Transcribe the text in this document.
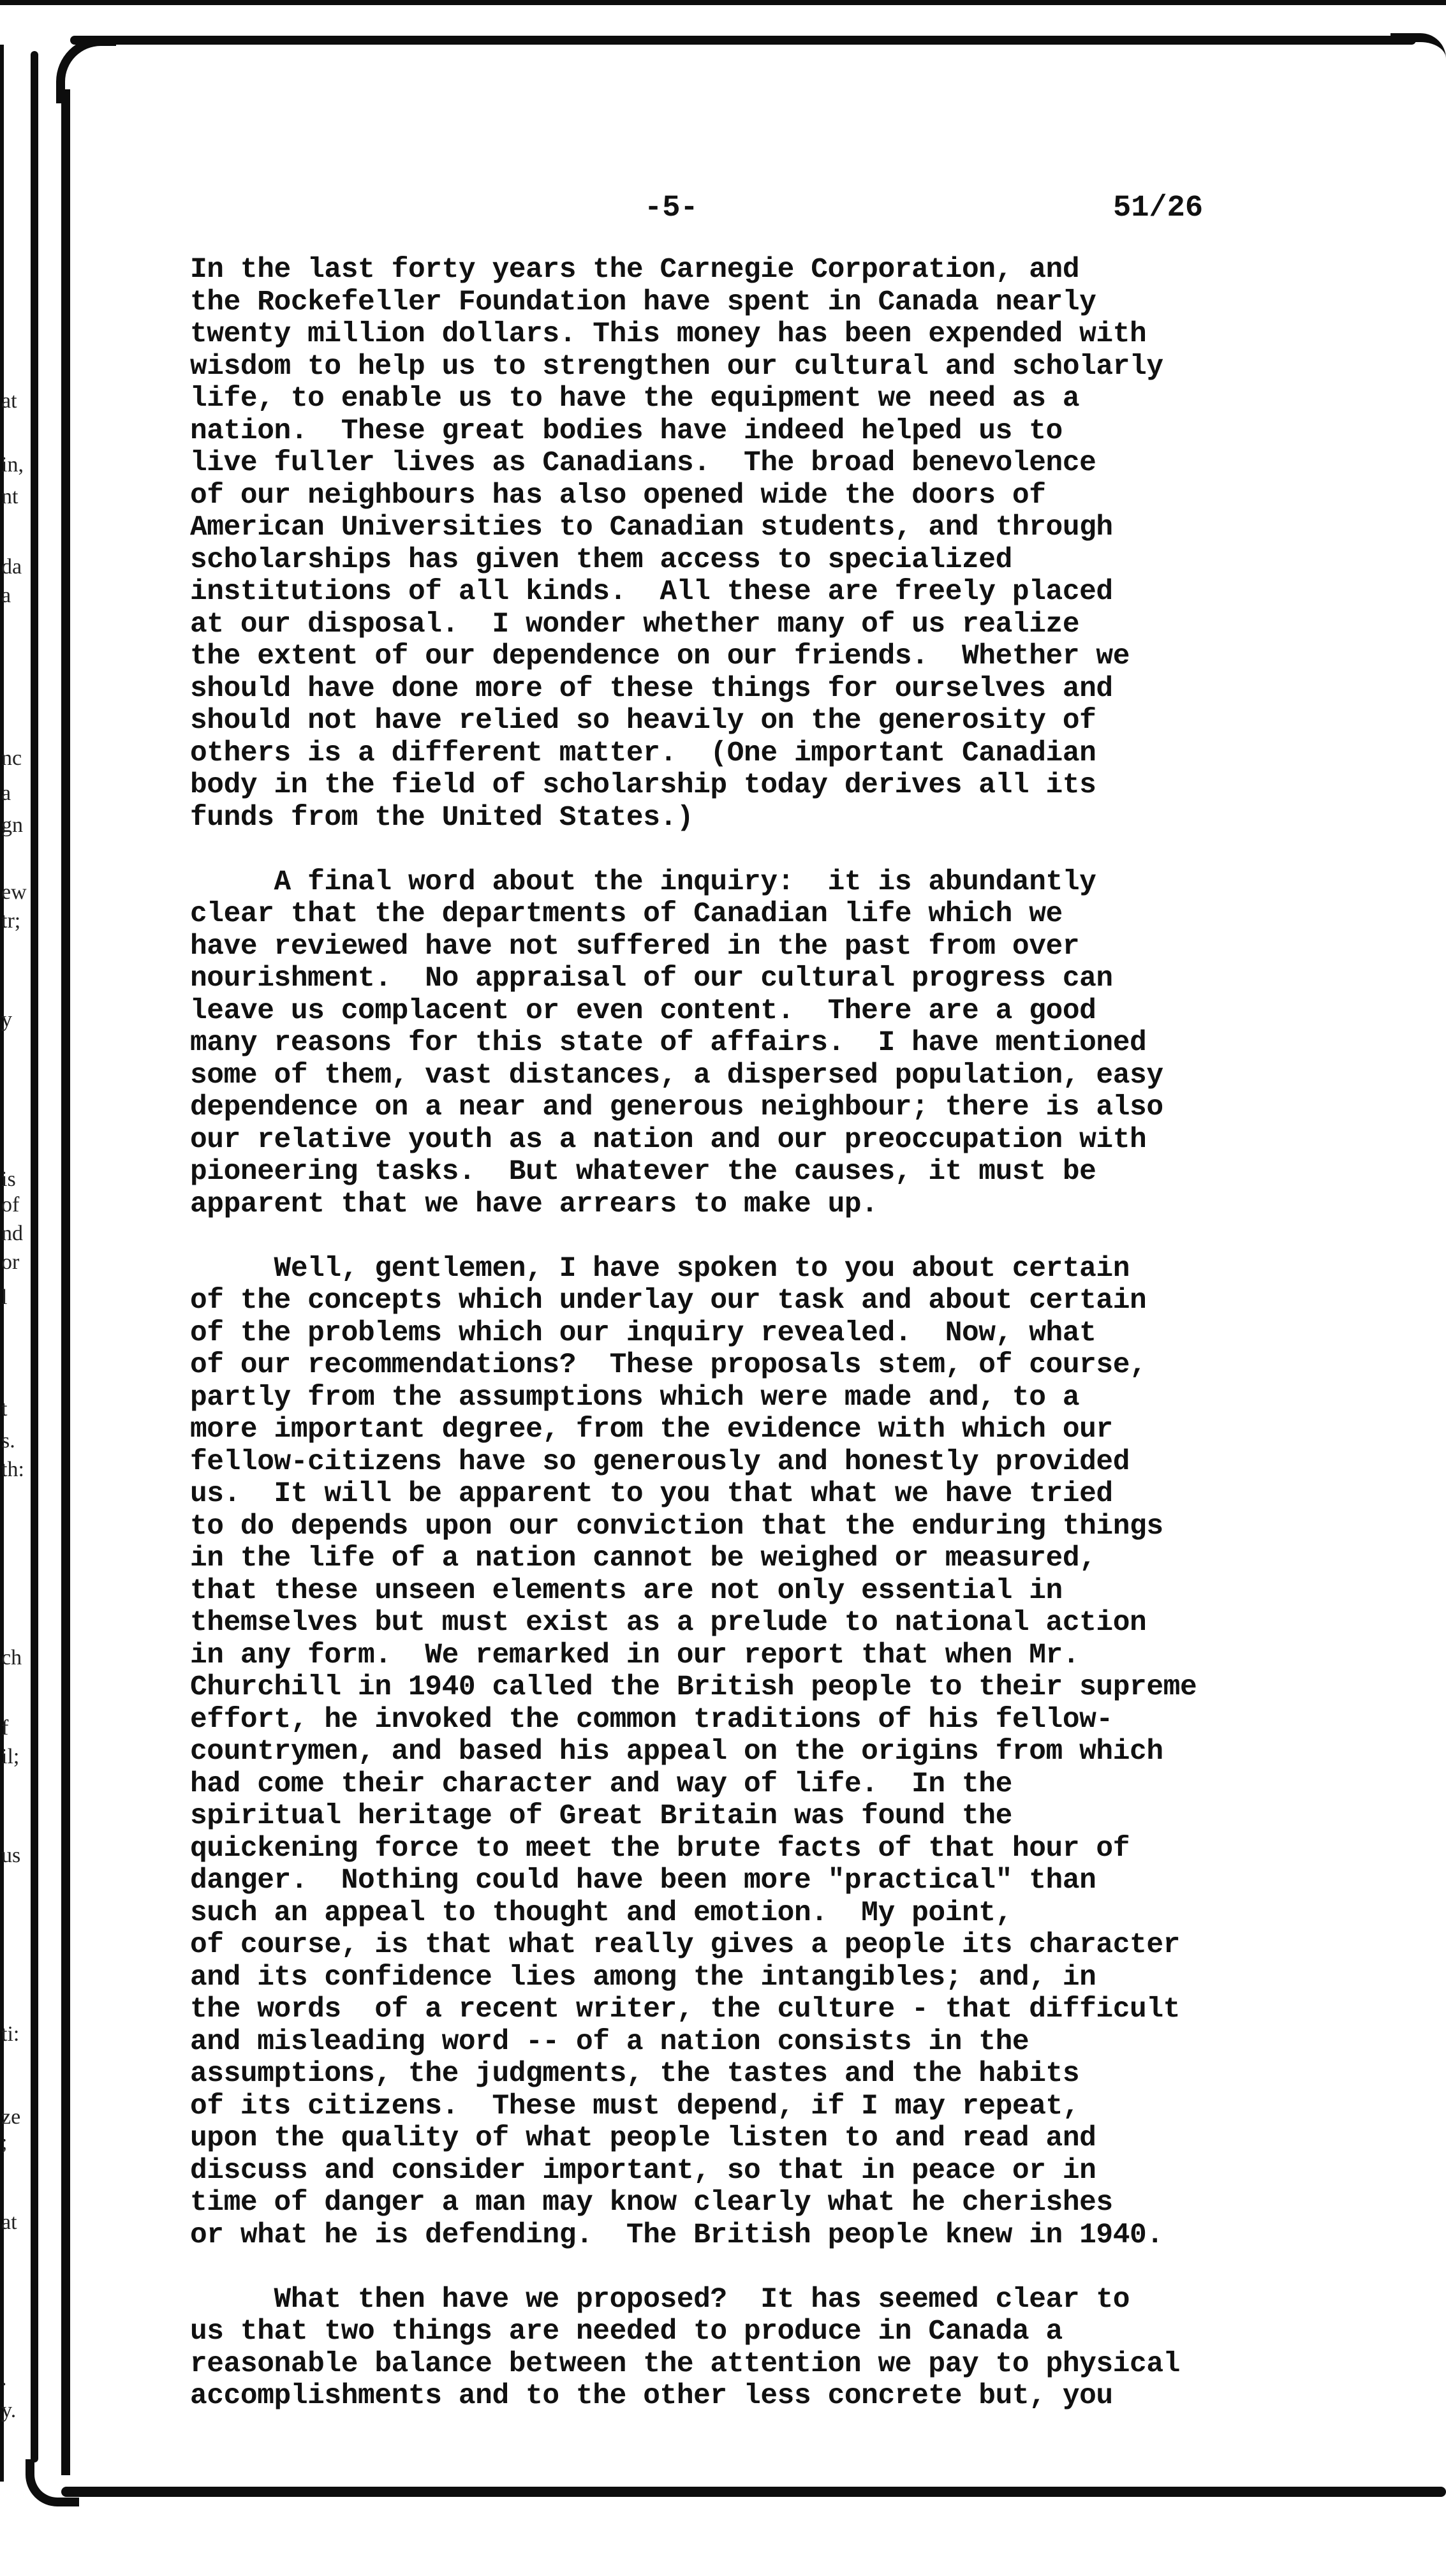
at
in,
nt
da
a
nc
a
gn
ew
tr;
y
is
of
nd
or
l
t
s.
th:
ch
f
il;
us
ti:
ze
;
at
.
y.
-5-	51/26
In the last forty years the Carnegie Corporation, and
the Rockefeller Foundation have spent in Canada nearly
twenty million dollars. This money has been expended with
wisdom to help us to strengthen our cultural and scholarly
life, to enable us to have the equipment we need as a
nation.  These great bodies have indeed helped us to
live fuller lives as Canadians.  The broad benevolence
of our neighbours has also opened wide the doors of
American Universities to Canadian students, and through
scholarships has given them access to specialized
institutions of all kinds.  All these are freely placed
at our disposal.  I wonder whether many of us realize
the extent of our dependence on our friends.  Whether we
should have done more of these things for ourselves and
should not have relied so heavily on the generosity of
others is a different matter.  (One important Canadian
body in the field of scholarship today derives all its
funds from the United States.)
A final word about the inquiry:  it is abundantly
clear that the departments of Canadian life which we
have reviewed have not suffered in the past from over
nourishment.  No appraisal of our cultural progress can
leave us complacent or even content.  There are a good
many reasons for this state of affairs.  I have mentioned
some of them, vast distances, a dispersed population, easy
dependence on a near and generous neighbour; there is also
our relative youth as a nation and our preoccupation with
pioneering tasks.  But whatever the causes, it must be
apparent that we have arrears to make up.
Well, gentlemen, I have spoken to you about certain
of the concepts which underlay our task and about certain
of the problems which our inquiry revealed.  Now, what
of our recommendations?  These proposals stem, of course,
partly from the assumptions which were made and, to a
more important degree, from the evidence with which our
fellow-citizens have so generously and honestly provided
us.  It will be apparent to you that what we have tried
to do depends upon our conviction that the enduring things
in the life of a nation cannot be weighed or measured,
that these unseen elements are not only essential in
themselves but must exist as a prelude to national action
in any form.  We remarked in our report that when Mr.
Churchill in 1940 called the British people to their supreme
effort, he invoked the common traditions of his fellow-
countrymen, and based his appeal on the origins from which
had come their character and way of life.  In the
spiritual heritage of Great Britain was found the
quickening force to meet the brute facts of that hour of
danger.  Nothing could have been more "practical" than
such an appeal to thought and emotion.  My point,
of course, is that what really gives a people its character
and its confidence lies among the intangibles; and, in
the words  of a recent writer, the culture - that difficult
and misleading word -- of a nation consists in the
assumptions, the judgments, the tastes and the habits
of its citizens.  These must depend, if I may repeat,
upon the quality of what people listen to and read and
discuss and consider important, so that in peace or in
time of danger a man may know clearly what he cherishes
or what he is defending.  The British people knew in 1940.
What then have we proposed?  It has seemed clear to
us that two things are needed to produce in Canada a
reasonable balance between the attention we pay to physical
accomplishments and to the other less concrete but, you
